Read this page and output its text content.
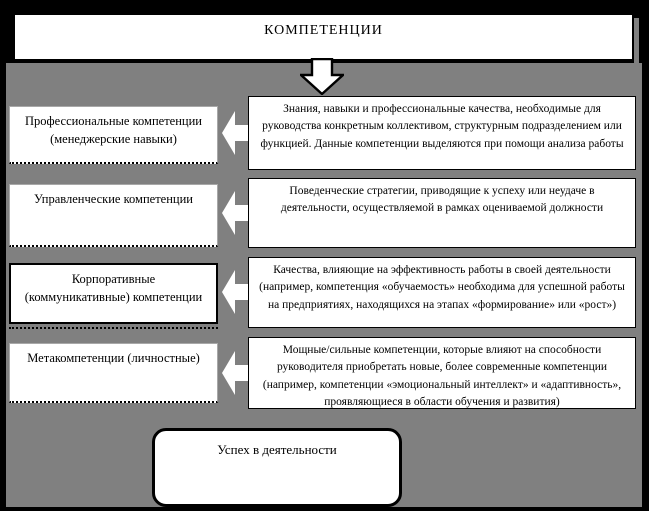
КОМПЕТЕНЦИИ
Профессиональные компетенции (менеджерские навыки)
Знания, навыки и профессиональные качества, необходимые для руководства конкретным коллективом, структурным подразделением или функцией. Данные компетенции выделяются при помощи анализа работы
Управленческие компетенции
Поведенческие стратегии, приводящие к успеху или неудаче в деятельности, осуществляемой в рамках оцениваемой должности
Корпоративные (коммуникативные) компетенции
Качества, влияющие на эффективность работы в своей деятельности (например, компетенция «обучаемость» необходима для успешной работы на предприятиях, находящихся на этапах «формирование» или «рост»)
Метакомпетенции (личностные)
Мощные/сильные компетенции, которые влияют на способности руководителя приобретать новые, более современные компетенции (например, компетенции «эмоциональный интеллект» и «адаптивность», проявляющиеся в области обучения и развития)
Успех в деятельности
